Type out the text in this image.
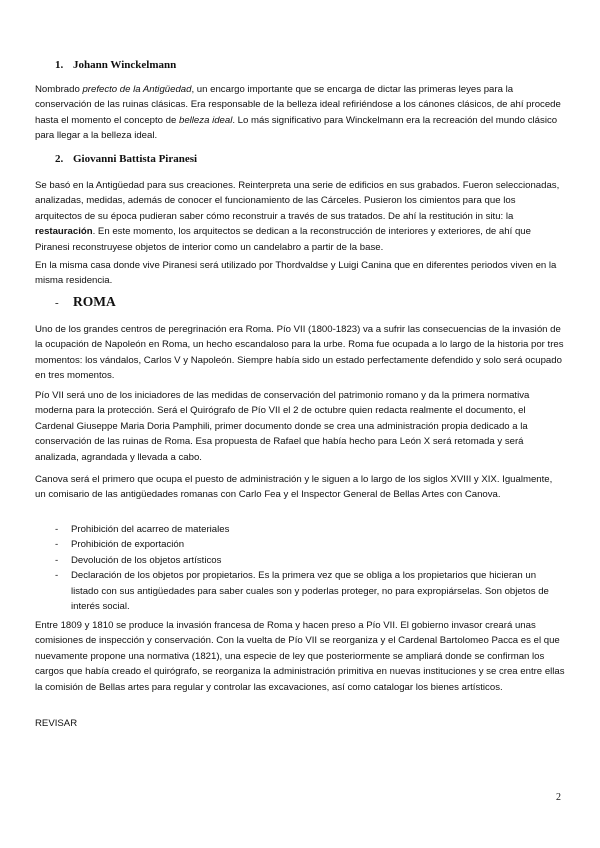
1. Johann Winckelmann

Nombrado prefecto de la Antigüedad, un encargo importante que se encarga de dictar las primeras leyes para la conservación de las ruinas clásicas. Era responsable de la belleza ideal refiriéndose a los cánones clásicos, de ahí procede hasta el momento el concepto de belleza ideal. Lo más significativo para Winckelmann era la recreación del mundo clásico para llegar a la belleza ideal.

2. Giovanni Battista Piranesi

Se basó en la Antigüedad para sus creaciones. Reinterpreta una serie de edificios en sus grabados. Fueron seleccionadas, analizadas, medidas, además de conocer el funcionamiento de las Cárceles. Pusieron los cimientos para que los arquitectos de su época pudieran saber cómo reconstruir a través de sus tratados. De ahí la restitución in situ: la restauración. En este momento, los arquitectos se dedican a la reconstrucción de interiores y exteriores, de ahí que Piranesi reconstruyese objetos de interior como un candelabro a partir de la base.

En la misma casa donde vive Piranesi será utilizado por Thordvaldse y Luigi Canina que en diferentes periodos viven en la misma residencia.

- ROMA

Uno de los grandes centros de peregrinación era Roma. Pío VII (1800-1823) va a sufrir las consecuencias de la invasión de la ocupación de Napoleón en Roma, un hecho escandaloso para la urbe. Roma fue ocupada a lo largo de la historia por tres momentos: los vándalos, Carlos V y Napoleón. Siempre había sido un estado perfectamente defendido y solo será ocupado en tres momentos.

Pío VII será uno de los iniciadores de las medidas de conservación del patrimonio romano y da la primera normativa moderna para la protección. Será el Quirógrafo de Pío VII el 2 de octubre quien redacta realmente el documento, el Cardenal Giuseppe Maria Doria Pamphili, primer documento donde se crea una administración propia dedicado a la conservación de las ruinas de Roma. Esa propuesta de Rafael que había hecho para León X será retomada y será analizada, agrandada y llevada a cabo.

Canova será el primero que ocupa el puesto de administración y le siguen a lo largo de los siglos XVIII y XIX. Igualmente, un comisario de las antigüedades romanas con Carlo Fea y el Inspector General de Bellas Artes con Canova.

- Prohibición del acarreo de materiales
- Prohibición de exportación
- Devolución de los objetos artísticos
- Declaración de los objetos por propietarios. Es la primera vez que se obliga a los propietarios que hicieran un listado con sus antigüedades para saber cuales son y poderlas proteger, no para expropiárselas. Son objetos de interés social.

Entre 1809 y 1810 se produce la invasión francesa de Roma y hacen preso a Pío VII. El gobierno invasor creará unas comisiones de inspección y conservación. Con la vuelta de Pío VII se reorganiza y el Cardenal Bartolomeo Pacca es el que nuevamente propone una normativa (1821), una especie de ley que posteriormente se ampliará donde se confirman los cargos que había creado el quirógrafo, se reorganiza la administración primitiva en nuevas instituciones y se crea entre ellas la comisión de Bellas artes para regular y controlar las excavaciones, así como catalogar los bienes artísticos.

REVISAR

2
